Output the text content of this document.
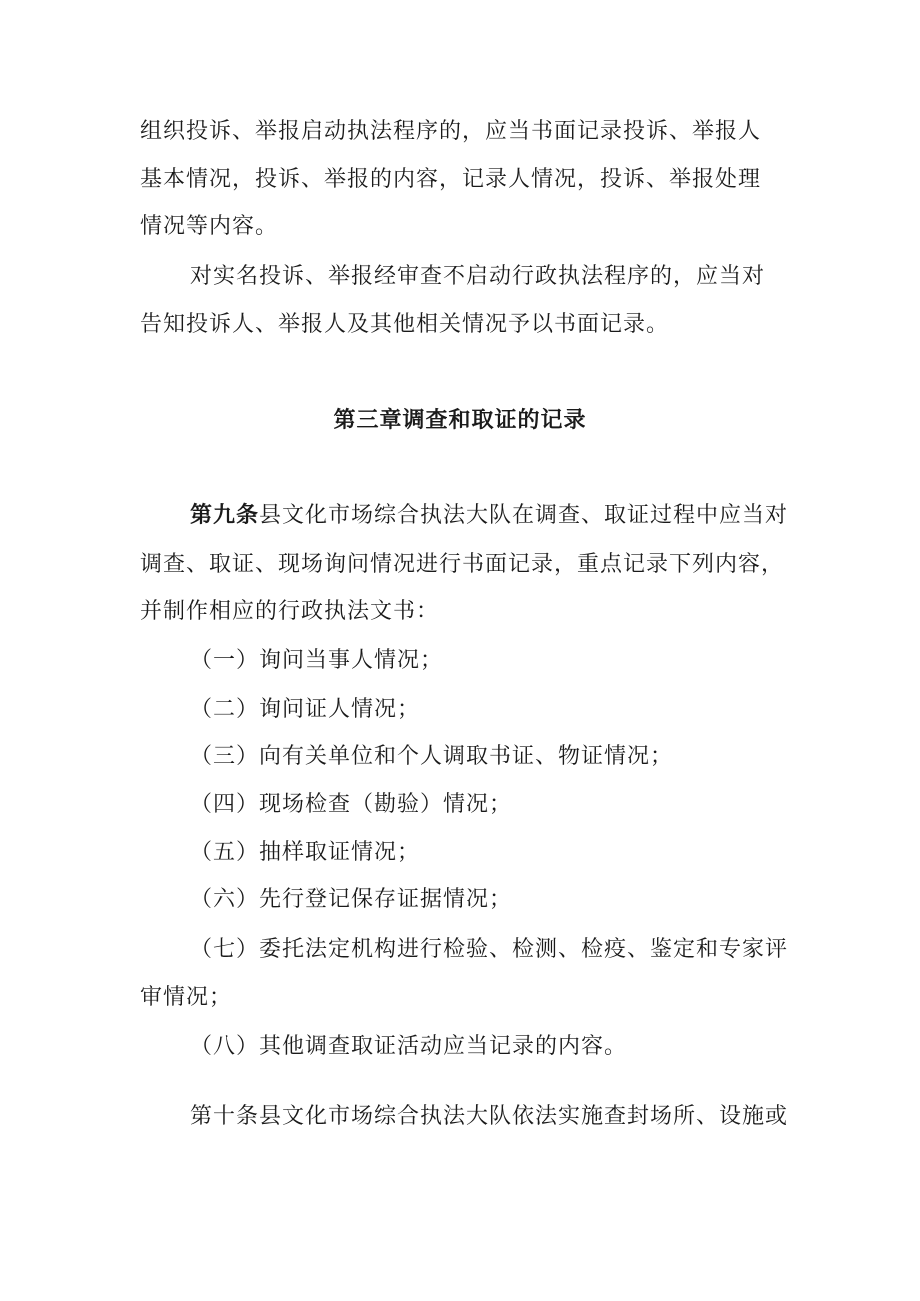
组织投诉、举报启动执法程序的，应当书面记录投诉、举报人
基本情况，投诉、举报的内容，记录人情况，投诉、举报处理
情况等内容。
对实名投诉、举报经审查不启动行政执法程序的，应当对
告知投诉人、举报人及其他相关情况予以书面记录。
第三章调查和取证的记录
第九条县文化市场综合执法大队在调查、取证过程中应当对
调查、取证、现场询问情况进行书面记录，重点记录下列内容，
并制作相应的行政执法文书：
（一）询问当事人情况；
（二）询问证人情况；
（三）向有关单位和个人调取书证、物证情况；
（四）现场检查（勘验）情况；
（五）抽样取证情况；
（六）先行登记保存证据情况；
（七）委托法定机构进行检验、检测、检疫、鉴定和专家评
审情况；
（八）其他调查取证活动应当记录的内容。
第十条县文化市场综合执法大队依法实施查封场所、设施或
